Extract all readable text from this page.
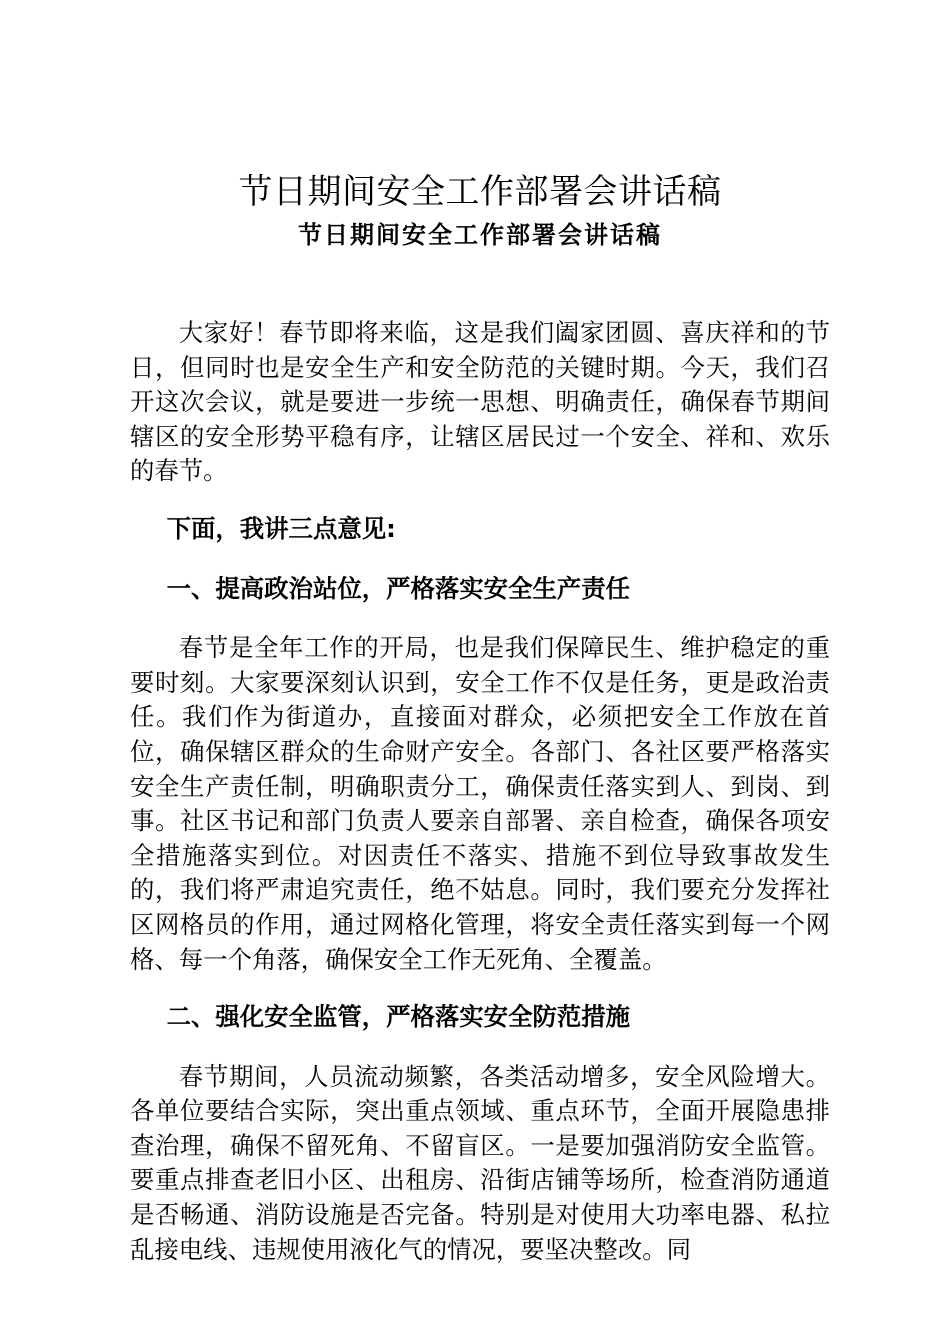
节日期间安全工作部署会讲话稿
节日期间安全工作部署会讲话稿

大家好！春节即将来临，这是我们阖家团圆、喜庆祥和的节日，但同时也是安全生产和安全防范的关键时期。今天，我们召开这次会议，就是要进一步统一思想、明确责任，确保春节期间辖区的安全形势平稳有序，让辖区居民过一个安全、祥和、欢乐的春节。

下面，我讲三点意见:

一、提高政治站位，严格落实安全生产责任

春节是全年工作的开局，也是我们保障民生、维护稳定的重要时刻。大家要深刻认识到，安全工作不仅是任务，更是政治责任。我们作为街道办，直接面对群众，必须把安全工作放在首位，确保辖区群众的生命财产安全。各部门、各社区要严格落实安全生产责任制，明确职责分工，确保责任落实到人、到岗、到事。社区书记和部门负责人要亲自部署、亲自检查，确保各项安全措施落实到位。对因责任不落实、措施不到位导致事故发生的，我们将严肃追究责任，绝不姑息。同时，我们要充分发挥社区网格员的作用，通过网格化管理，将安全责任落实到每一个网格、每一个角落，确保安全工作无死角、全覆盖。

二、强化安全监管，严格落实安全防范措施

春节期间，人员流动频繁，各类活动增多，安全风险增大。各单位要结合实际，突出重点领域、重点环节，全面开展隐患排查治理，确保不留死角、不留盲区。一是要加强消防安全监管。要重点排查老旧小区、出租房、沿街店铺等场所，检查消防通道是否畅通、消防设施是否完备。特别是对使用大功率电器、私拉乱接电线、违规使用液化气的情况，要坚决整改。同
